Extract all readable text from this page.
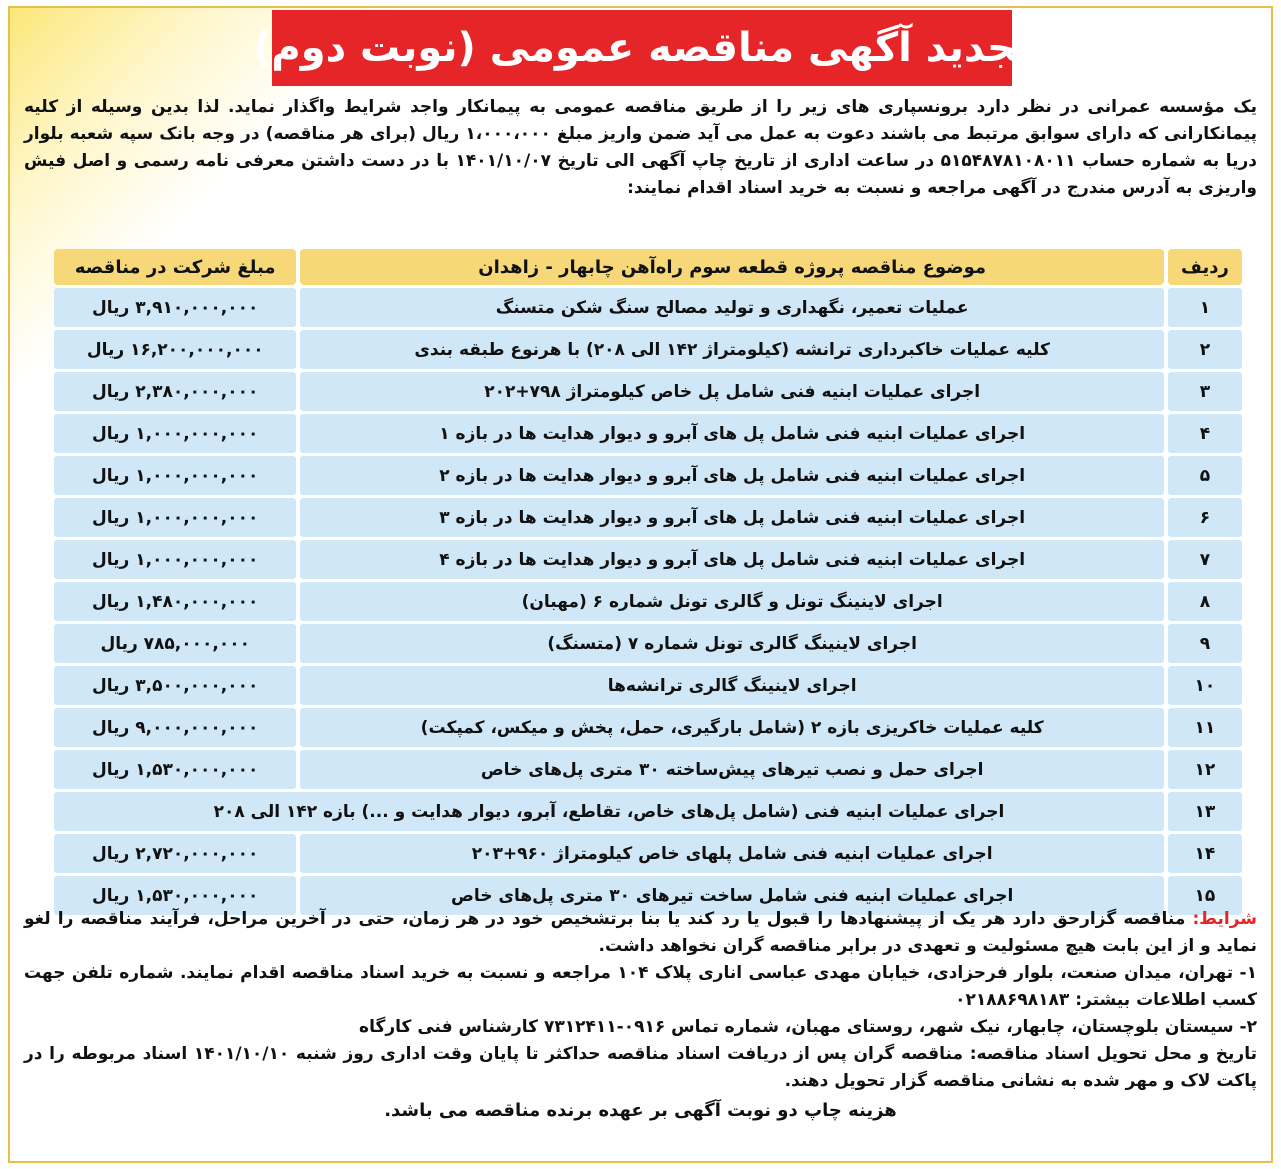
تجدید آگهی مناقصه عمومی (نوبت دوم)
یک مؤسسه عمرانی در نظر دارد برونسپاری های زیر را از طریق مناقصه عمومی به پیمانکار واجد شرایط واگذار نماید. لذا بدین وسیله از کلیه پیمانکارانی که دارای سوابق مرتبط می باشند دعوت به عمل می آید ضمن واریز مبلغ ۱،۰۰۰،۰۰۰ ریال (برای هر مناقصه) در وجه بانک سپه شعبه بلوار دریا به شماره حساب ۵۱۵۴۸۷۸۱۰۸۰۱۱ در ساعت اداری از تاریخ چاپ آگهی الی تاریخ ۱۴۰۱/۱۰/۰۷ با در دست داشتن معرفی نامه رسمی و اصل فیش واریزی به آدرس مندرج در آگهی مراجعه و نسبت به خرید اسناد اقدام نمایند:
ردیف	موضوع مناقصه پروژه قطعه سوم راه‌آهن چابهار - زاهدان	مبلغ شرکت در مناقصه
۱	عملیات تعمیر، نگهداری و تولید مصالح سنگ شکن متسنگ	۳,۹۱۰,۰۰۰,۰۰۰ ریال
۲	کلیه عملیات خاکبرداری ترانشه (کیلومتراژ ۱۴۲ الی ۲۰۸) با هرنوع طبقه بندی	۱۶,۲۰۰,۰۰۰,۰۰۰ ریال
۳	اجرای عملیات ابنیه فنی شامل پل خاص کیلومتراژ ۷۹۸+۲۰۲	۲,۳۸۰,۰۰۰,۰۰۰ ریال
۴	اجرای عملیات ابنیه فنی شامل پل های آبرو و دیوار هدایت ها در بازه ۱	۱,۰۰۰,۰۰۰,۰۰۰ ریال
۵	اجرای عملیات ابنیه فنی شامل پل های آبرو و دیوار هدایت ها در بازه ۲	۱,۰۰۰,۰۰۰,۰۰۰ ریال
۶	اجرای عملیات ابنیه فنی شامل پل های آبرو و دیوار هدایت ها در بازه ۳	۱,۰۰۰,۰۰۰,۰۰۰ ریال
۷	اجرای عملیات ابنیه فنی شامل پل های آبرو و دیوار هدایت ها در بازه ۴	۱,۰۰۰,۰۰۰,۰۰۰ ریال
۸	اجرای لاینینگ تونل و گالری تونل شماره ۶ (مهبان)	۱,۴۸۰,۰۰۰,۰۰۰ ریال
۹	اجرای لاینینگ گالری تونل شماره ۷ (متسنگ)	۷۸۵,۰۰۰,۰۰۰ ریال
۱۰	اجرای لاینینگ گالری ترانشه‌ها	۳,۵۰۰,۰۰۰,۰۰۰ ریال
۱۱	کلیه عملیات خاکریزی بازه ۲ (شامل بارگیری، حمل، پخش و میکس، کمپکت)	۹,۰۰۰,۰۰۰,۰۰۰ ریال
۱۲	اجرای حمل و نصب تیرهای پیش‌ساخته ۳۰ متری پل‌های خاص	۱,۵۳۰,۰۰۰,۰۰۰ ریال
۱۳	اجرای عملیات ابنیه فنی (شامل پل‌های خاص، تقاطع، آبرو، دیوار هدایت و ...) بازه ۱۴۲ الی ۲۰۸	
۱۴	اجرای عملیات ابنیه فنی شامل پلهای خاص کیلومتراژ ۹۶۰+۲۰۳	۲,۷۲۰,۰۰۰,۰۰۰ ریال
۱۵	اجرای عملیات ابنیه فنی شامل ساخت تیرهای ۳۰ متری پل‌های خاص	۱,۵۳۰,۰۰۰,۰۰۰ ریال

شرایط: مناقصه گزارحق دارد هر یک از پیشنهادها را قبول یا رد کند یا بنا برتشخیص خود در هر زمان، حتی در آخرین مراحل، فرآیند مناقصه را لغو نماید و از این بابت هیچ مسئولیت و تعهدی در برابر مناقصه گران نخواهد داشت.

۱- تهران، میدان صنعت، بلوار فرحزادی، خیابان مهدی عباسی اناری پلاک ۱۰۴ مراجعه و نسبت به خرید اسناد مناقصه اقدام نمایند. شماره تلفن جهت کسب اطلاعات بیشتر: ۰۲۱۸۸۶۹۸۱۸۳

۲- سیستان بلوچستان، چابهار، نیک شهر، روستای مهبان، شماره تماس ۰۹۱۶-۷۳۱۲۴۱۱ کارشناس فنی کارگاه

تاریخ و محل تحویل اسناد مناقصه: مناقصه گران پس از دریافت اسناد مناقصه حداکثر تا پایان وقت اداری روز شنبه ۱۴۰۱/۱۰/۱۰ اسناد مربوطه را در پاکت لاک و مهر شده به نشانی مناقصه گزار تحویل دهند.

هزینه چاپ دو نوبت آگهی بر عهده برنده مناقصه می باشد.
